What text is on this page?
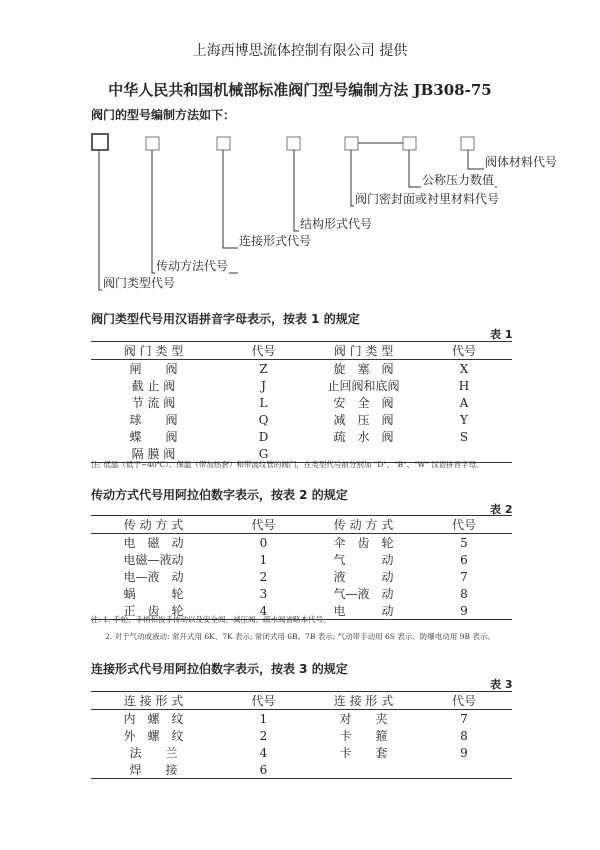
上海西博思流体控制有限公司 提供
中华人民共和国机械部标准阀门型号编制方法 JB308-75
阀门的型号编制方法如下：
阀体材料代号
公称压力数值
阀门密封面或衬里材料代号
结构形式代号
连接形式代号
传动方法代号
阀门类型代号
阀门类型代号用汉语拼音字母表示，按表 1 的规定
表 1
阀 门 类 型	代号	阀 门 类 型	代号
闸　　阀	Z	旋　塞　阀	X
截 止 阀	J	止回阀和底阀	H
节 流 阀	L	安　全　阀	A
球　　阀	Q	减　压　阀	Y
蝶　　阀	D	疏　水　阀	S
隔 膜 阀	G		
注: 低温（低于−40℃）、保温（带加热套）和带波纹管的阀门，在类型代号前分别加 "D"、"B"、"W" 汉语拼音字母。
传动方式代号用阿拉伯数字表示，按表 2 的规定
表 2
传 动 方 式	代号	传 动 方 式	代号
电　磁　动	0	伞　齿　轮	5
电磁—液动	1	气　　　动	6
电—液　动	2	液　　　动	7
蜗　　　轮	3	气—液　动	8
正　齿　轮	4	电　　　动	9
注: 1. 手轮、手柄和扳手传动以及安全阀、减压阀、疏水阀省略本代号。
2. 对于气动或液动: 常开式用 6K、7K 表示; 常闭式用 6B、7B 表示; 气动带手动用 6S 表示、防爆电动用 9B 表示。
连接形式代号用阿拉伯数字表示，按表 3 的规定
表 3
连 接 形 式	代号	连 接 形 式	代号
内　螺　纹	1	对　　夹	7
外　螺　纹	2	卡　　箍	8
法　　兰	4	卡　　套	9
焊　　接	6		
